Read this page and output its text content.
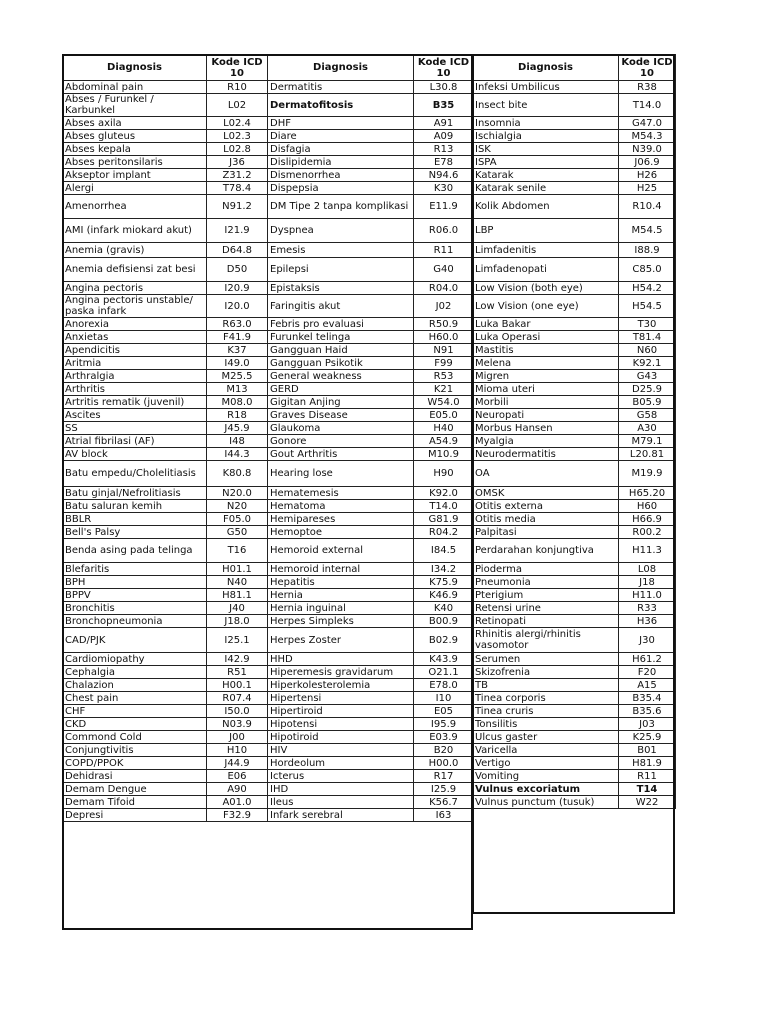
Diagnosis	Kode ICD 10
Abdominal pain	R10
Abses / Furunkel / Karbunkel	L02
Abses axila	L02.4
Abses gluteus	L02.3
Abses kepala	L02.8
Abses peritonsilaris	J36
Akseptor implant	Z31.2
Alergi	T78.4
Amenorrhea	N91.2
AMI (infark miokard akut)	I21.9
Anemia (gravis)	D64.8
Anemia defisiensi zat besi	D50
Angina pectoris	I20.9
Angina pectoris unstable/ paska infark	I20.0
Anorexia	R63.0
Anxietas	F41.9
Apendicitis	K37
Aritmia	I49.0
Arthralgia	M25.5
Arthritis	M13
Artritis rematik (juvenil)	M08.0
Ascites	R18
SS	J45.9
Atrial fibrilasi (AF)	I48
AV block	I44.3
Batu empedu/Cholelitiasis	K80.8
Batu ginjal/Nefrolitiasis	N20.0
Batu saluran kemih	N20
BBLR	F05.0
Bell's Palsy	G50
Benda asing pada telinga	T16
Blefaritis	H01.1
BPH	N40
BPPV	H81.1
Bronchitis	J40
Bronchopneumonia	J18.0
CAD/PJK	I25.1
Cardiomiopathy	I42.9
Cephalgia	R51
Chalazion	H00.1
Chest pain	R07.4
CHF	I50.0
CKD	N03.9
Commond Cold	J00
Conjungtivitis	H10
COPD/PPOK	J44.9
Dehidrasi	E06
Demam Dengue	A90
Demam Tifoid	A01.0
Depresi	F32.9
Diagnosis	Kode ICD 10
Dermatitis	L30.8
Dermatofitosis	B35
DHF	A91
Diare	A09
Disfagia	R13
Dislipidemia	E78
Dismenorrhea	N94.6
Dispepsia	K30
DM Tipe 2 tanpa komplikasi	E11.9
Dyspnea	R06.0
Emesis	R11
Epilepsi	G40
Epistaksis	R04.0
Faringitis akut	J02
Febris pro evaluasi	R50.9
Furunkel telinga	H60.0
Gangguan Haid	N91
Gangguan Psikotik	F99
General weakness	R53
GERD	K21
Gigitan Anjing	W54.0
Graves Disease	E05.0
Glaukoma	H40
Gonore	A54.9
Gout Arthritis	M10.9
Hearing lose	H90
Hematemesis	K92.0
Hematoma	T14.0
Hemipareses	G81.9
Hemoptoe	R04.2
Hemoroid external	I84.5
Hemoroid internal	I34.2
Hepatitis	K75.9
Hernia	K46.9
Hernia inguinal	K40
Herpes Simpleks	B00.9
Herpes Zoster	B02.9
HHD	K43.9
Hiperemesis gravidarum	O21.1
Hiperkolesterolemia	E78.0
Hipertensi	I10
Hipertiroid	E05
Hipotensi	I95.9
Hipotiroid	E03.9
HIV	B20
Hordeolum	H00.0
Icterus	R17
IHD	I25.9
Ileus	K56.7
Infark serebral	I63
Diagnosis	Kode ICD 10
Infeksi Umbilicus	R38
Insect bite	T14.0
Insomnia	G47.0
Ischialgia	M54.3
ISK	N39.0
ISPA	J06.9
Katarak	H26
Katarak senile	H25
Kolik Abdomen	R10.4
LBP	M54.5
Limfadenitis	I88.9
Limfadenopati	C85.0
Low Vision (both eye)	H54.2
Low Vision (one eye)	H54.5
Luka Bakar	T30
Luka Operasi	T81.4
Mastitis	N60
Melena	K92.1
Migren	G43
Mioma uteri	D25.9
Morbili	B05.9
Neuropati	G58
Morbus Hansen	A30
Myalgia	M79.1
Neurodermatitis	L20.81
OA	M19.9
OMSK	H65.20
Otitis externa	H60
Otitis media	H66.9
Palpitasi	R00.2
Perdarahan konjungtiva	H11.3
Pioderma	L08
Pneumonia	J18
Pterigium	H11.0
Retensi urine	R33
Retinopati	H36
Rhinitis alergi/rhinitis vasomotor	J30
Serumen	H61.2
Skizofrenia	F20
TB	A15
Tinea corporis	B35.4
Tinea cruris	B35.6
Tonsilitis	J03
Ulcus gaster	K25.9
Varicella	B01
Vertigo	H81.9
Vomiting	R11
Vulnus excoriatum	T14
Vulnus punctum (tusuk)	W22
